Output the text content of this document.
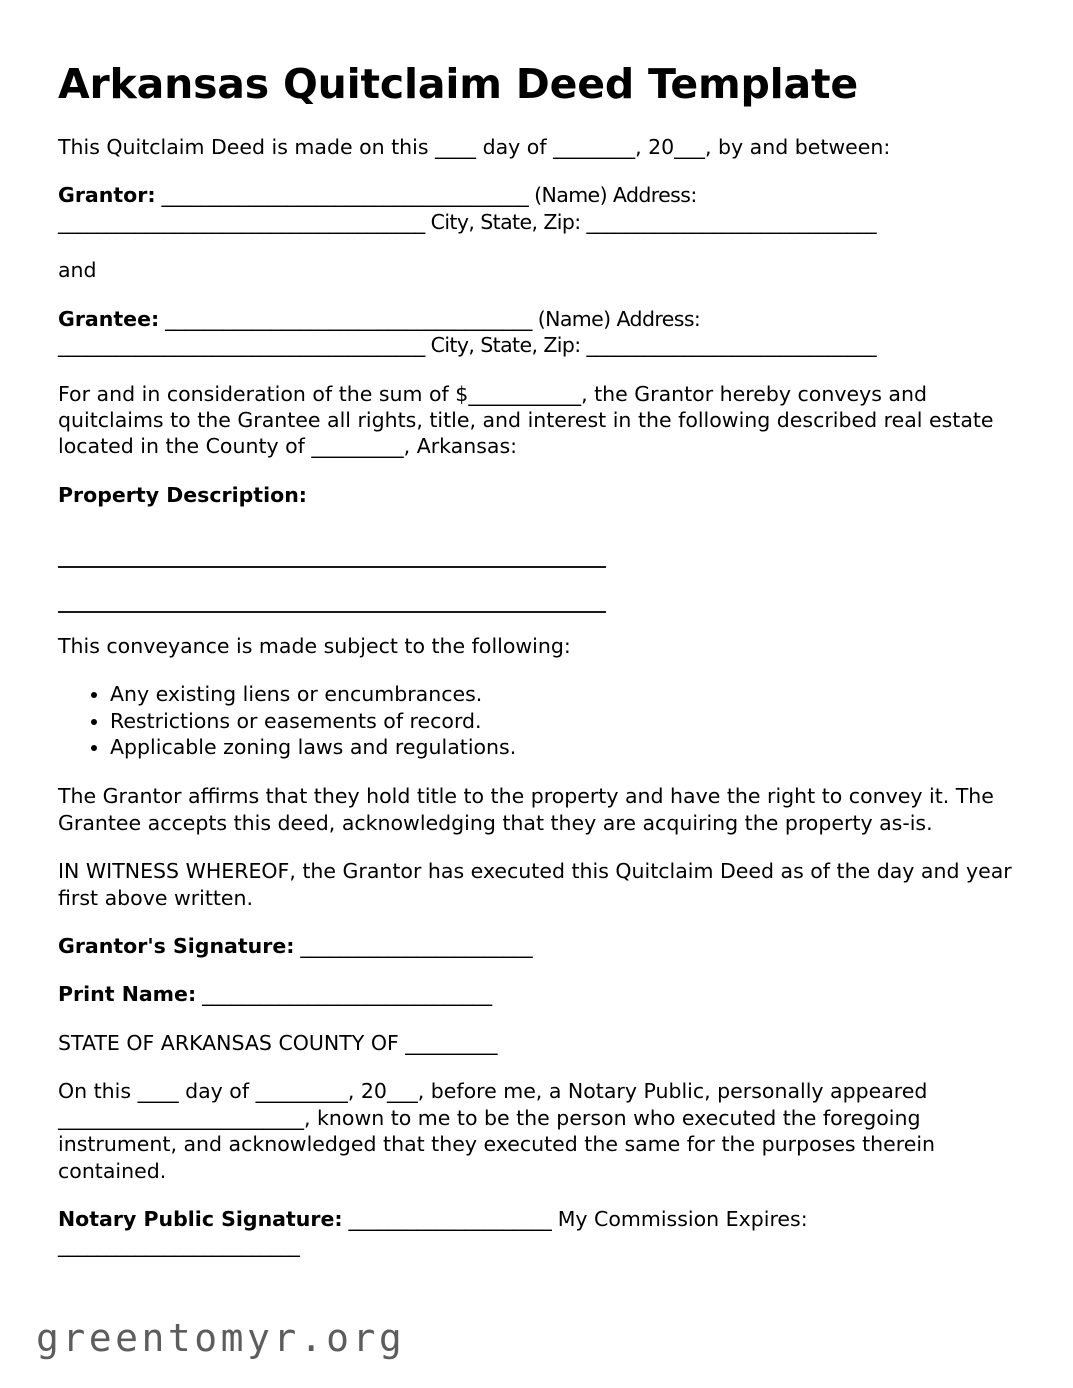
Arkansas Quitclaim Deed Template

This Quitclaim Deed is made on this ____ day of ________, 20___, by and between:

Grantor: ______________________________________ (Name) Address: ______________________________________ City, State, Zip: ______________________________

and

Grantee: ______________________________________ (Name) Address: ______________________________________ City, State, Zip: ______________________________

For and in consideration of the sum of $___________, the Grantor hereby conveys and quitclaims to the Grantee all rights, title, and interest in the following described real estate located in the County of _________, Arkansas:

Property Description:

This conveyance is made subject to the following:

• Any existing liens or encumbrances.
• Restrictions or easements of record.
• Applicable zoning laws and regulations.

The Grantor affirms that they hold title to the property and have the right to convey it. The Grantee accepts this deed, acknowledging that they are acquiring the property as-is.

IN WITNESS WHEREOF, the Grantor has executed this Quitclaim Deed as of the day and year first above written.

Grantor's Signature: ________________________

Print Name: ______________________________

STATE OF ARKANSAS COUNTY OF _________

On this ____ day of _________, 20___, before me, a Notary Public, personally appeared ________________________, known to me to be the person who executed the foregoing instrument, and acknowledged that they executed the same for the purposes therein contained.

Notary Public Signature: _____________________ My Commission Expires: _________________________

greentomyr.org
